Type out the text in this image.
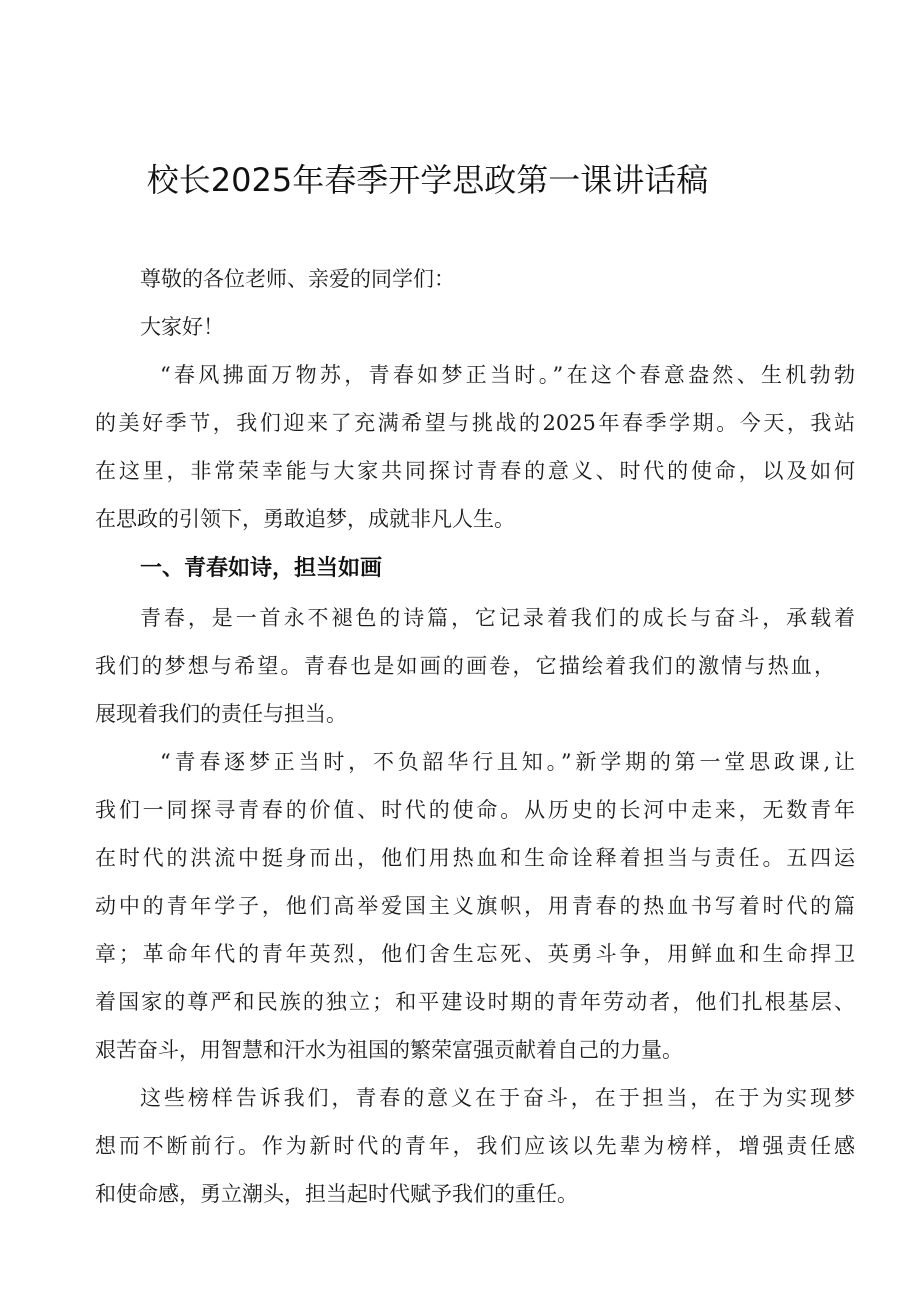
校长2025年春季开学思政第一课讲话稿

尊敬的各位老师、亲爱的同学们：

大家好！

“春风拂面万物苏，青春如梦正当时。”在这个春意盎然、生机勃勃

的美好季节，我们迎来了充满希望与挑战的2025年春季学期。今天，我站

在这里，非常荣幸能与大家共同探讨青春的意义、时代的使命，以及如何

在思政的引领下，勇敢追梦，成就非凡人生。

一、青春如诗，担当如画

青春，是一首永不褪色的诗篇，它记录着我们的成长与奋斗，承载着

我们的梦想与希望。青春也是如画的画卷，它描绘着我们的激情与热血，

展现着我们的责任与担当。

“青春逐梦正当时，不负韶华行且知。”新学期的第一堂思政课,让

我们一同探寻青春的价值、时代的使命。从历史的长河中走来，无数青年

在时代的洪流中挺身而出，他们用热血和生命诠释着担当与责任。五四运

动中的青年学子，他们高举爱国主义旗帜，用青春的热血书写着时代的篇

章；革命年代的青年英烈，他们舍生忘死、英勇斗争，用鲜血和生命捍卫

着国家的尊严和民族的独立；和平建设时期的青年劳动者，他们扎根基层、

艰苦奋斗，用智慧和汗水为祖国的繁荣富强贡献着自己的力量。

这些榜样告诉我们，青春的意义在于奋斗，在于担当，在于为实现梦

想而不断前行。作为新时代的青年，我们应该以先辈为榜样，增强责任感

和使命感，勇立潮头，担当起时代赋予我们的重任。
